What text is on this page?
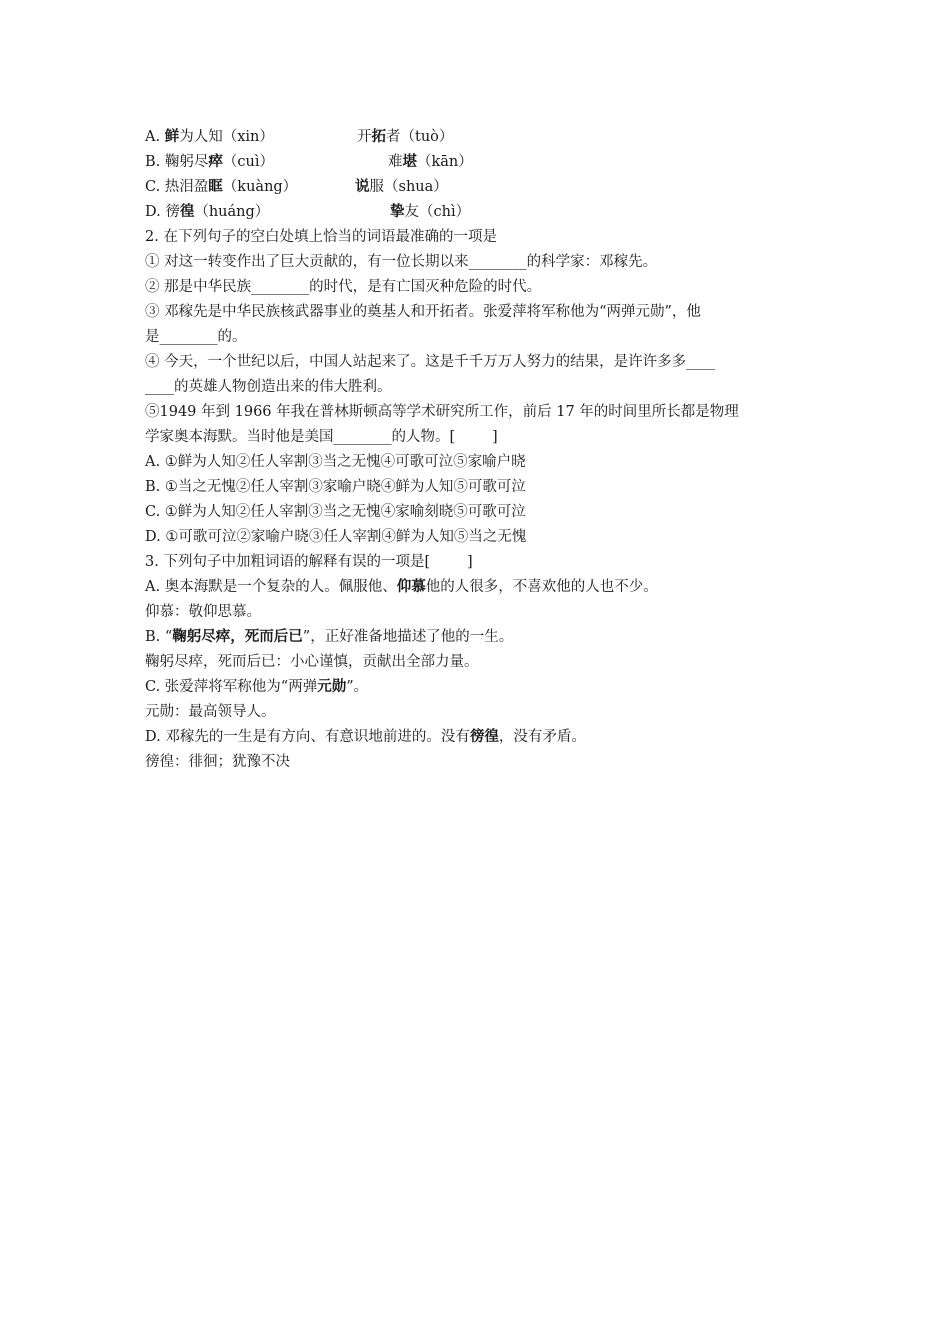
A. 鲜为人知（xin）	开拓者（tuò）
B. 鞠躬尽瘁（cuì）	难堪（kān）
C. 热泪盈眶（kuàng）	说服（shua）
D. 徬徨（huáng）	挚友（chì）
2. 在下列句子的空白处填上恰当的词语最准确的一项是
① 对这一转变作出了巨大贡献的，有一位长期以来________的科学家：邓稼先。
② 那是中华民族________的时代，是有亡国灭种危险的时代。
③ 邓稼先是中华民族核武器事业的奠基人和开拓者。张爱萍将军称他为“两弹元勋”，他
是________的。
④ 今天，一个世纪以后，中国人站起来了。这是千千万万人努力的结果，是许许多多____
____的英雄人物创造出来的伟大胜利。
⑤1949 年到 1966 年我在普林斯顿高等学术研究所工作，前后 17 年的时间里所长都是物理
学家奥本海默。当时他是美国________的人物。[        ]
A. ①鲜为人知②任人宰割③当之无愧④可歌可泣⑤家喻户晓
B. ①当之无愧②任人宰割③家喻户晓④鲜为人知⑤可歌可泣
C. ①鲜为人知②任人宰割③当之无愧④家喻刻晓⑤可歌可泣
D. ①可歌可泣②家喻户晓③任人宰割④鲜为人知⑤当之无愧
3. 下列句子中加粗词语的解释有误的一项是[        ]
A. 奥本海默是一个复杂的人。佩服他、仰慕他的人很多，不喜欢他的人也不少。
仰慕：敬仰思慕。
B. “鞠躬尽瘁，死而后已”，正好准备地描述了他的一生。
鞠躬尽瘁，死而后已：小心谨慎，贡献出全部力量。
C. 张爱萍将军称他为“两弹元勋”。
元勋：最高领导人。
D. 邓稼先的一生是有方向、有意识地前进的。没有徬徨，没有矛盾。
徬徨：徘徊；犹豫不决
